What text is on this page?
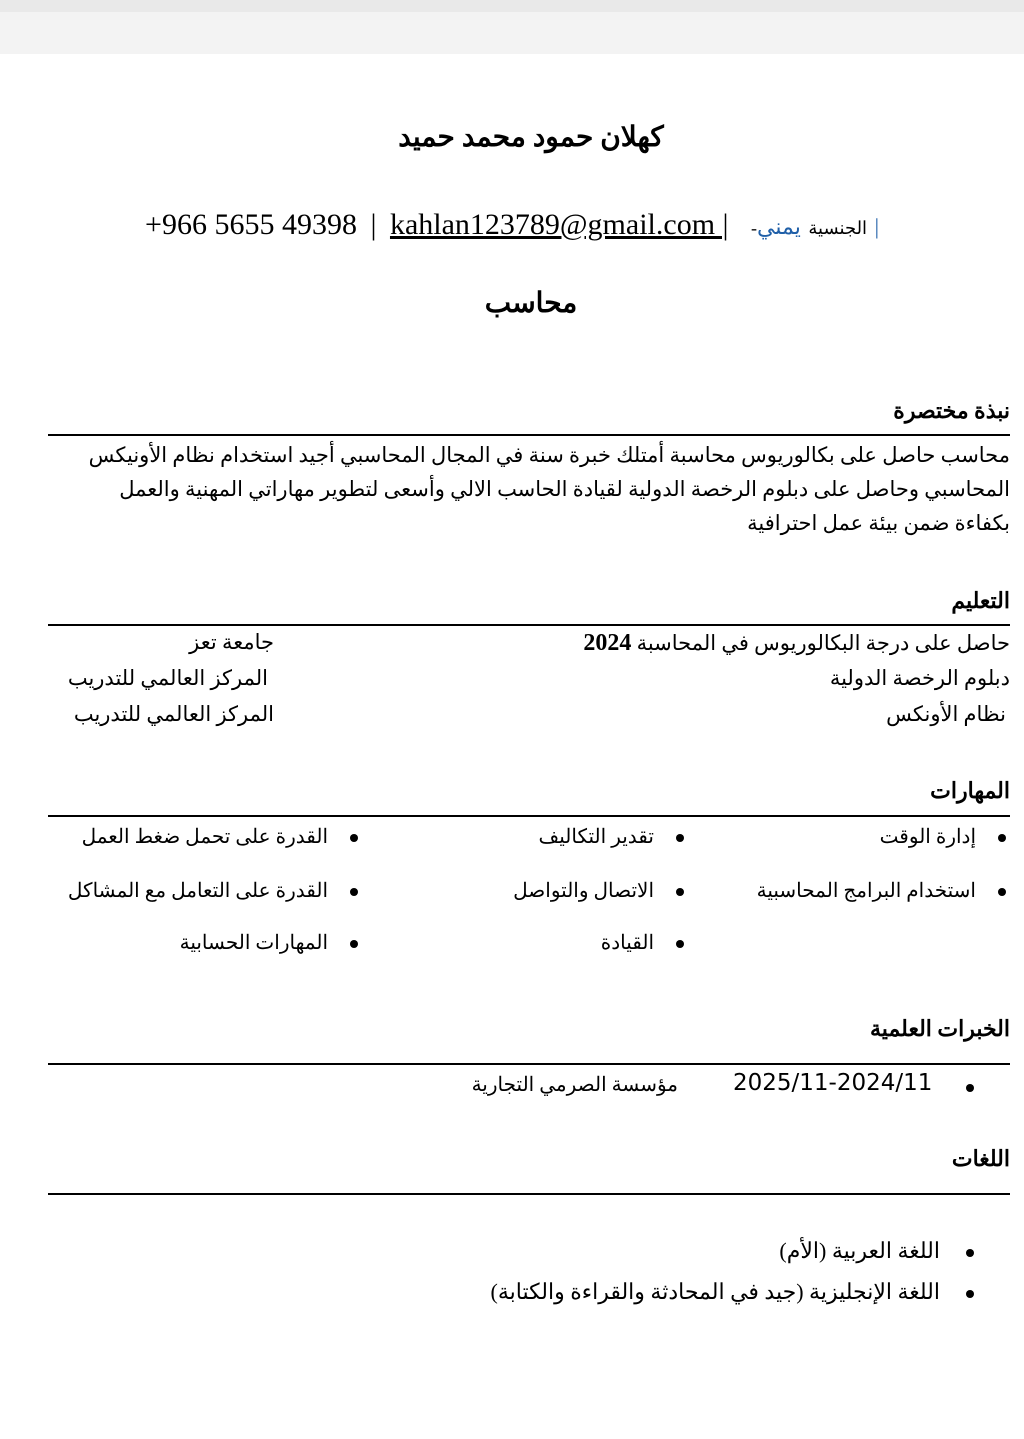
كهلان حمود محمد حميد
+966 5655 49398 | kahlan123789@gmail.com | -الجنسية يمني	|
محاسب
نبذة مختصرة
محاسب حاصل على بكالوريوس محاسبة أمتلك خبرة سنة في المجال المحاسبي أجيد استخدام نظام الأونيكس المحاسبي وحاصل على دبلوم الرخصة الدولية لقيادة الحاسب الالي وأسعى لتطوير مهاراتي المهنية والعمل بكفاءة ضمن بيئة عمل احترافية
التعليم
حاصل على درجة البكالوريوس في المحاسبة 2024
جامعة تعز
دبلوم الرخصة الدولية
المركز العالمي للتدريب
نظام الأونكس
المركز العالمي للتدريب
المهارات
إدارة الوقت
تقدير التكاليف
القدرة على تحمل ضغط العمل
استخدام البرامج المحاسبية
الاتصال والتواصل
القدرة على التعامل مع المشاكل
القيادة
المهارات الحسابية
الخبرات العلمية
2025/11-2024/11
مؤسسة الصرمي التجارية
اللغات
اللغة العربية (الأم)
اللغة الإنجليزية (جيد في المحادثة والقراءة والكتابة)
